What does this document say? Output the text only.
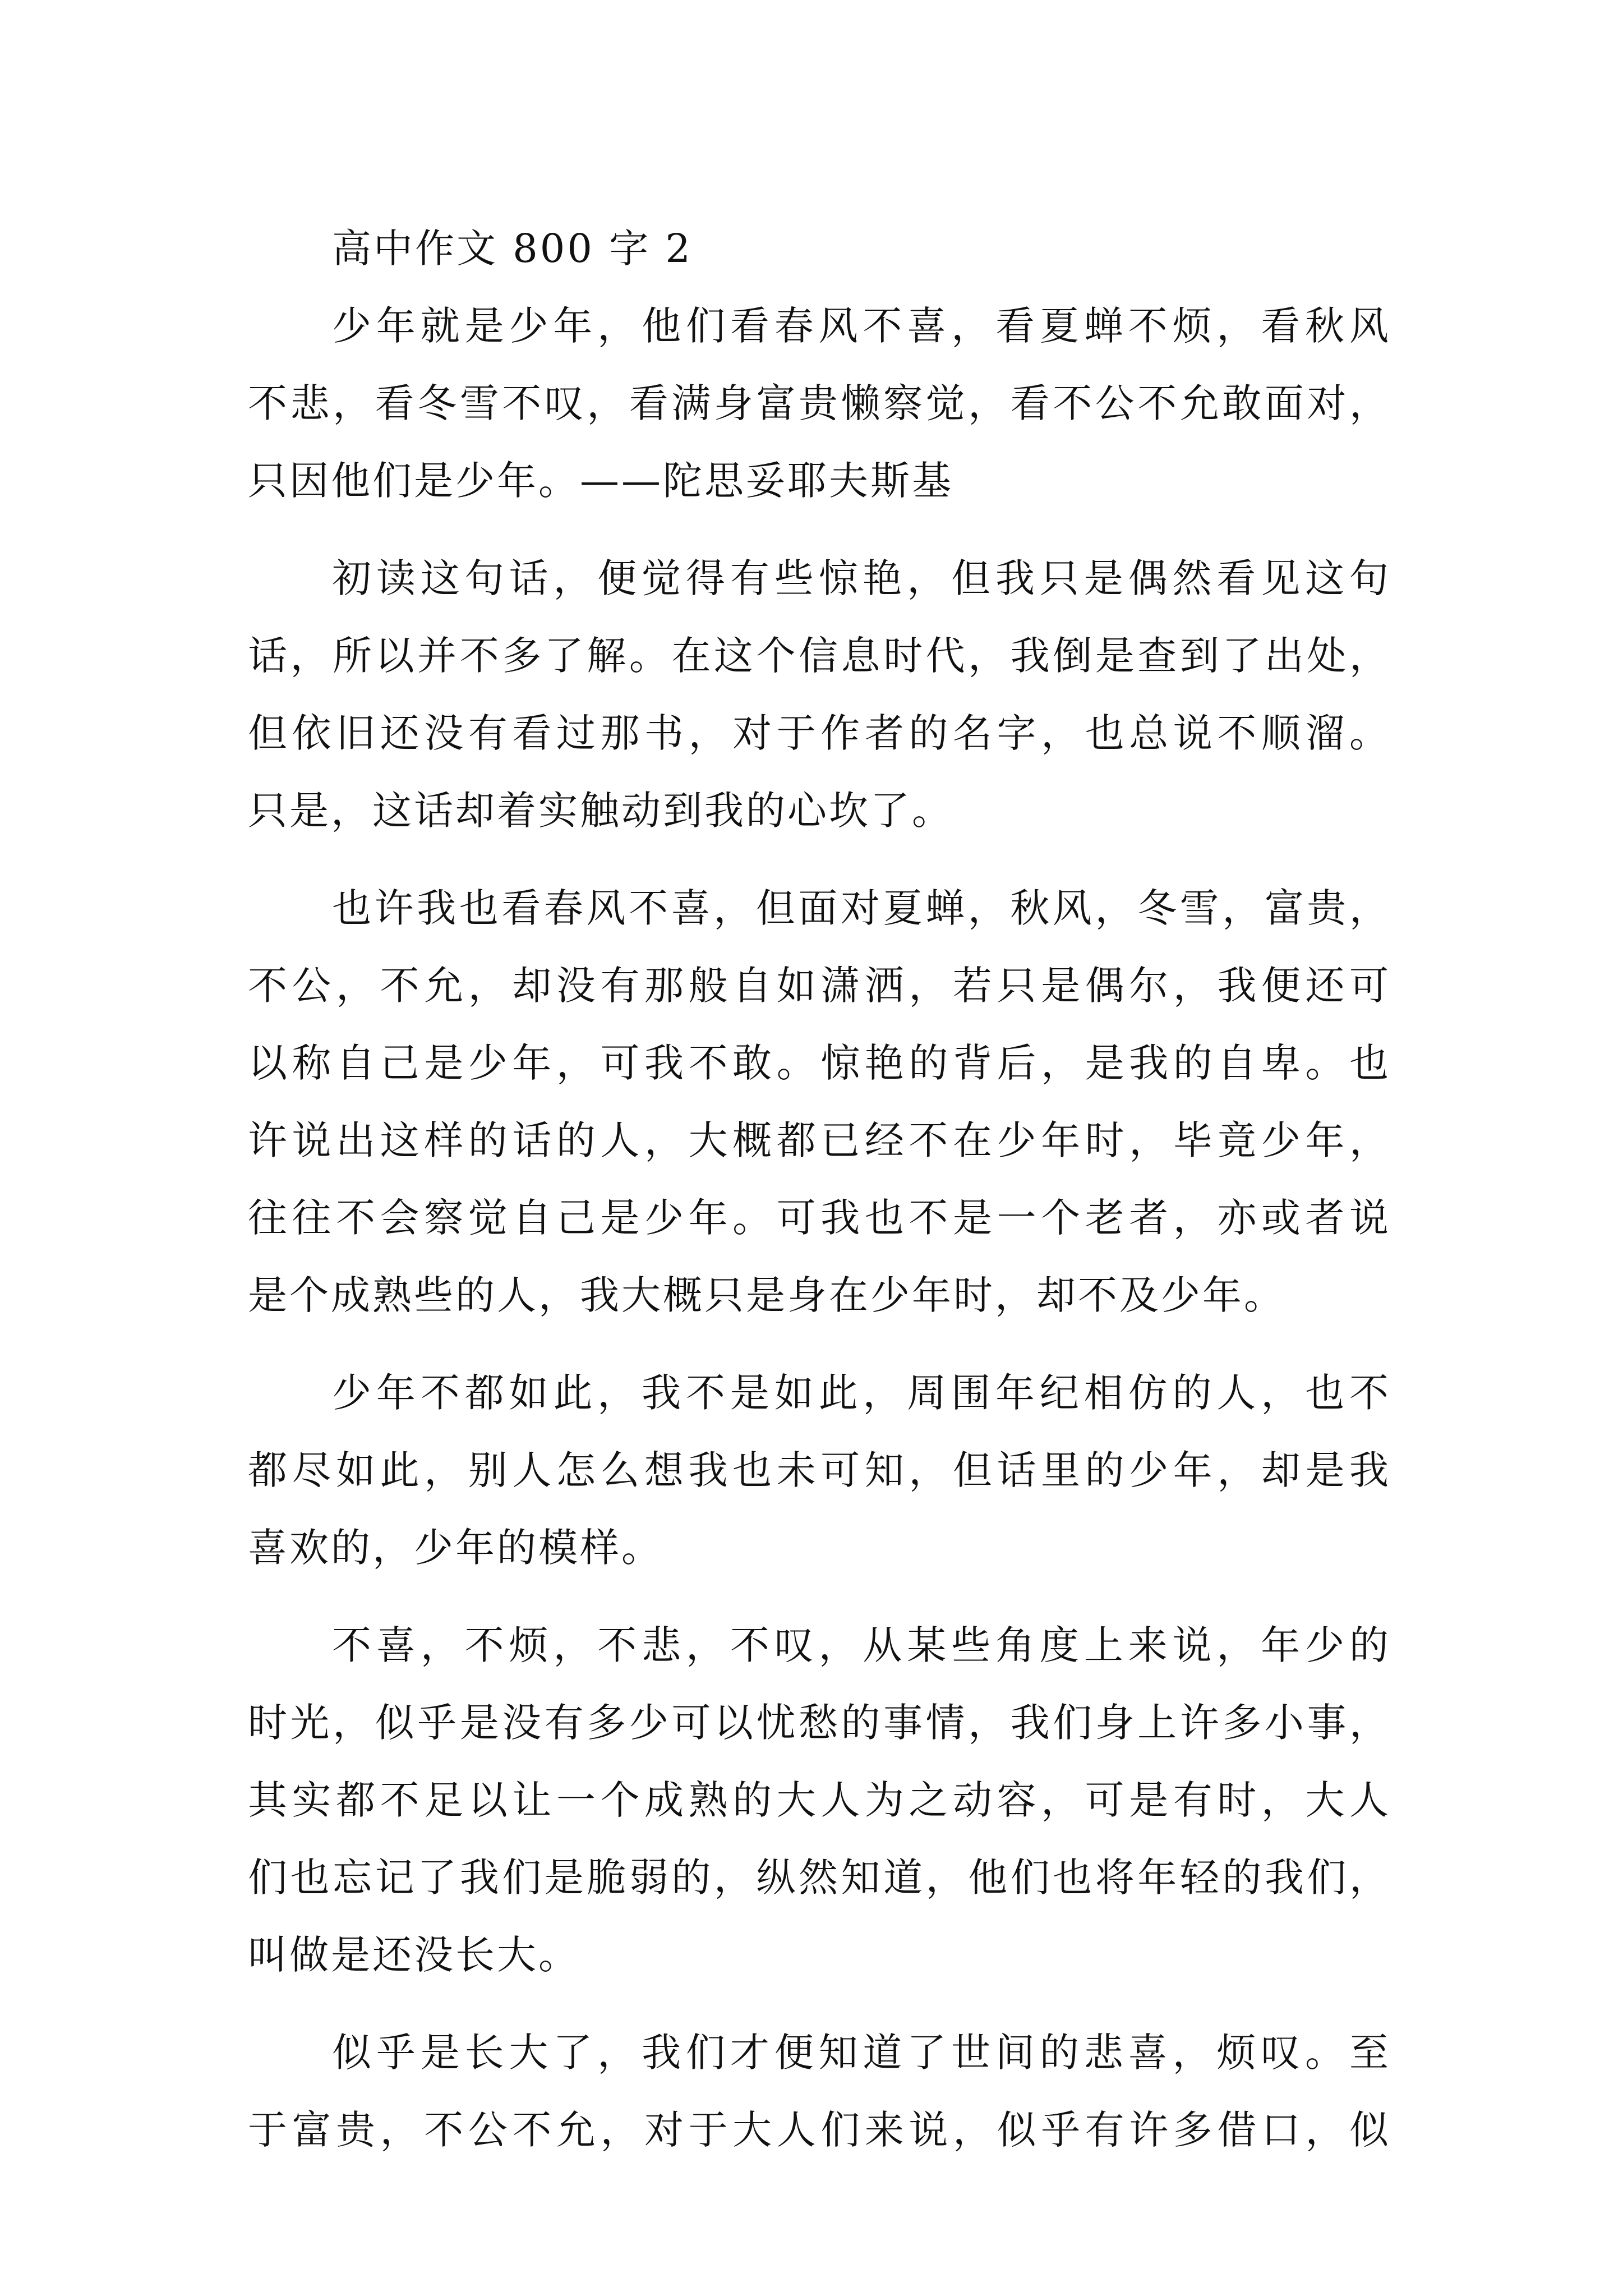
高中作文 800 字 2
少年就是少年，他们看春风不喜，看夏蝉不烦，看秋风
不悲，看冬雪不叹，看满身富贵懒察觉，看不公不允敢面对，
只因他们是少年。——陀思妥耶夫斯基
初读这句话，便觉得有些惊艳，但我只是偶然看见这句
话，所以并不多了解。在这个信息时代，我倒是查到了出处，
但依旧还没有看过那书，对于作者的名字，也总说不顺溜。
只是，这话却着实触动到我的心坎了。
也许我也看春风不喜，但面对夏蝉，秋风，冬雪，富贵，
不公，不允，却没有那般自如潇洒，若只是偶尔，我便还可
以称自己是少年，可我不敢。惊艳的背后，是我的自卑。也
许说出这样的话的人，大概都已经不在少年时，毕竟少年，
往往不会察觉自己是少年。可我也不是一个老者，亦或者说
是个成熟些的人，我大概只是身在少年时，却不及少年。
少年不都如此，我不是如此，周围年纪相仿的人，也不
都尽如此，别人怎么想我也未可知，但话里的少年，却是我
喜欢的，少年的模样。
不喜，不烦，不悲，不叹，从某些角度上来说，年少的
时光，似乎是没有多少可以忧愁的事情，我们身上许多小事，
其实都不足以让一个成熟的大人为之动容，可是有时，大人
们也忘记了我们是脆弱的，纵然知道，他们也将年轻的我们，
叫做是还没长大。
似乎是长大了，我们才便知道了世间的悲喜，烦叹。至
于富贵，不公不允，对于大人们来说，似乎有许多借口，似
